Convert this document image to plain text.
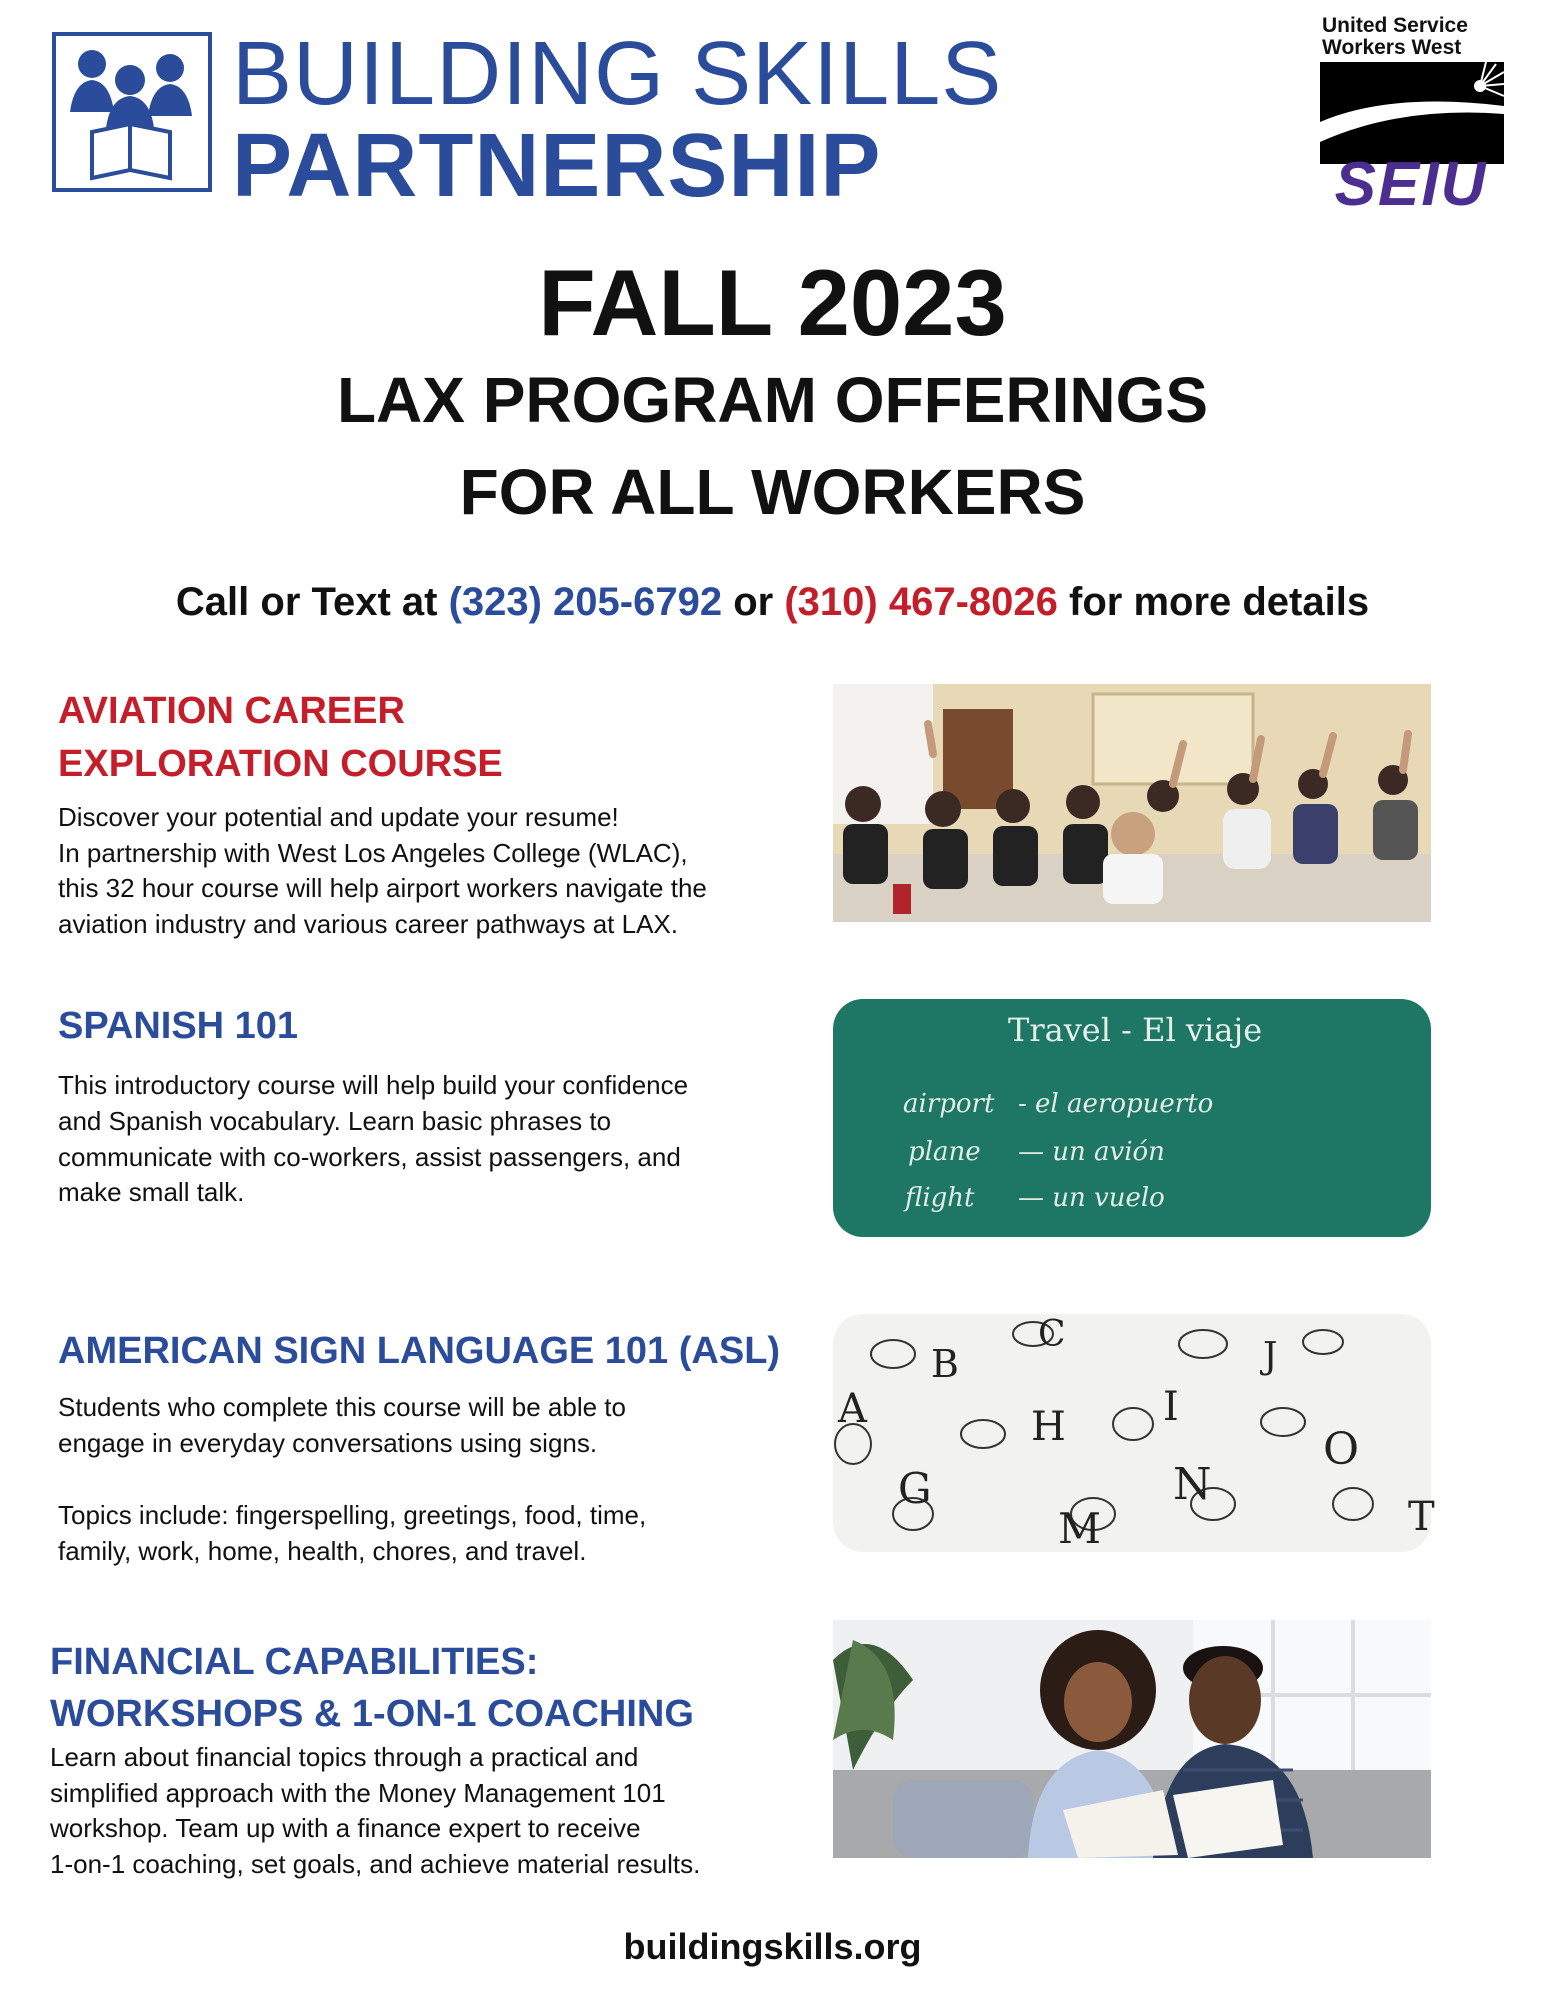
BUILDING SKILLS
PARTNERSHIP
United Service
Workers West
SEIU
FALL 2023
LAX PROGRAM OFFERINGS
FOR ALL WORKERS
Call or Text at (323) 205-6792 or (310) 467-8026 for more details
AVIATION CAREER
EXPLORATION COURSE
Discover your potential and update your resume!
In partnership with West Los Angeles College (WLAC),
this 32 hour course will help airport workers navigate the
aviation industry and various career pathways at LAX.
SPANISH 101
This introductory course will help build your confidence
and Spanish vocabulary. Learn basic phrases to
communicate with co-workers, assist passengers, and
make small talk.
Travel - El viaje
airport - el aeropuerto
plane — un avión
flight — un vuelo
AMERICAN SIGN LANGUAGE 101 (ASL)
Students who complete this course will be able to
engage in everyday conversations using signs.
Topics include: fingerspelling, greetings, food, time,
family, work, home, health, chores, and travel.
A
B
C
J
H I
G
O
N
M	T
FINANCIAL CAPABILITIES:
WORKSHOPS & 1-ON-1 COACHING
Learn about financial topics through a practical and
simplified approach with the Money Management 101
workshop. Team up with a finance expert to receive
1-on-1 coaching, set goals, and achieve material results.
buildingskills.org
